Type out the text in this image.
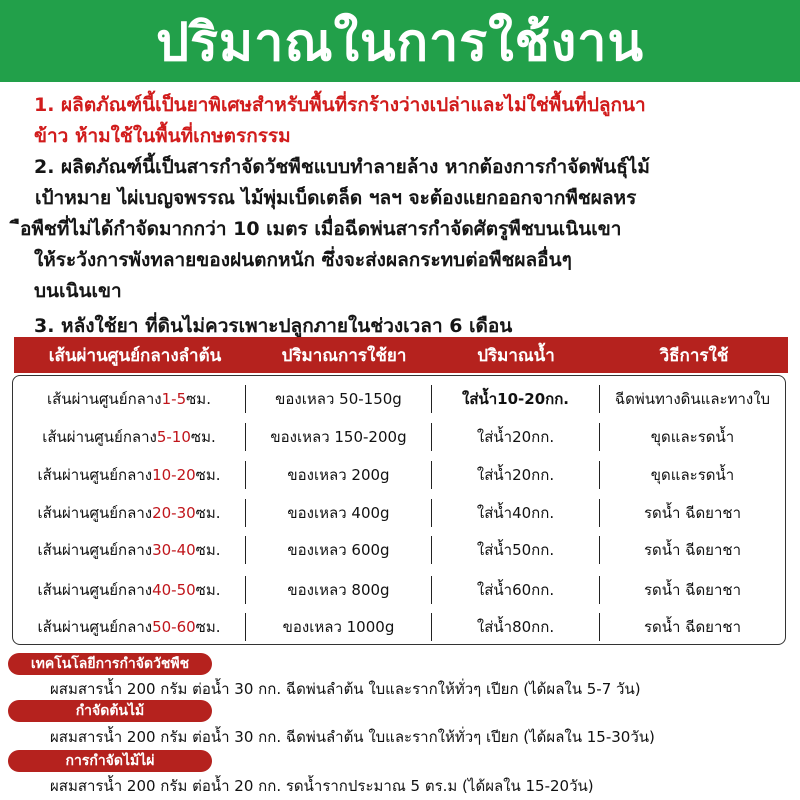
ปริมาณในการใช้งาน
1. ผลิตภัณฑ์นี้เป็นยาพิเศษสำหรับพื้นที่รกร้างว่างเปล่าและไม่ใช่พื้นที่ปลูกนา
ข้าว ห้ามใช้ในพื้นที่เกษตรกรรม
2. ผลิตภัณฑ์นี้เป็นสารกำจัดวัชพืชแบบทำลายล้าง หากต้องการกำจัดพันธุ์ไม้
เป้าหมาย ไผ่เบญจพรรณ ไม้พุ่มเบ็ดเตล็ด ฯลฯ จะต้องแยกออกจากพืชผลหร
ือพืชที่ไม่ได้กำจัดมากกว่า 10 เมตร เมื่อฉีดพ่นสารกำจัดศัตรูพืชบนเนินเขา
ให้ระวังการพังทลายของฝนตกหนัก ซึ่งจะส่งผลกระทบต่อพืชผลอื่นๆ
บนเนินเขา
3. หลังใช้ยา ที่ดินไม่ควรเพาะปลูกภายในช่วงเวลา 6 เดือน
เส้นผ่านศูนย์กลางลำต้น	ปริมาณการใช้ยา	ปริมาณน้ำ	วิธีการใช้
เส้นผ่านศูนย์กลาง1-5ซม.	ของเหลว 50-150g	ใส่น้ำ10-20กก.	ฉีดพ่นทางดินและทางใบ
เส้นผ่านศูนย์กลาง5-10ซม.	ของเหลว 150-200g	ใส่น้ำ20กก.	ขุดและรดน้ำ
เส้นผ่านศูนย์กลาง10-20ซม.	ของเหลว 200g	ใส่น้ำ20กก.	ขุดและรดน้ำ
เส้นผ่านศูนย์กลาง20-30ซม.	ของเหลว 400g	ใส่น้ำ40กก.	รดน้ำ ฉีดยาชา
เส้นผ่านศูนย์กลาง30-40ซม.	ของเหลว 600g	ใส่น้ำ50กก.	รดน้ำ ฉีดยาชา
เส้นผ่านศูนย์กลาง40-50ซม.	ของเหลว 800g	ใส่น้ำ60กก.	รดน้ำ ฉีดยาชา
เส้นผ่านศูนย์กลาง50-60ซม.	ของเหลว 1000g	ใส่น้ำ80กก.	รดน้ำ ฉีดยาชา
เทคโนโลยีการกำจัดวัชพืช
ผสมสารน้ำ 200 กรัม ต่อน้ำ 30 กก. ฉีดพ่นลำต้น ใบและรากให้ทั่วๆ เปียก (ได้ผลใน 5-7 วัน)
กำจัดต้นไม้
ผสมสารน้ำ 200 กรัม ต่อน้ำ 30 กก. ฉีดพ่นลำต้น ใบและรากให้ทั่วๆ เปียก (ได้ผลใน 15-30วัน)
การกำจัดไม้ไผ่
ผสมสารน้ำ 200 กรัม ต่อน้ำ 20 กก. รดน้ำรากประมาณ 5 ตร.ม (ได้ผลใน 15-20วัน)
